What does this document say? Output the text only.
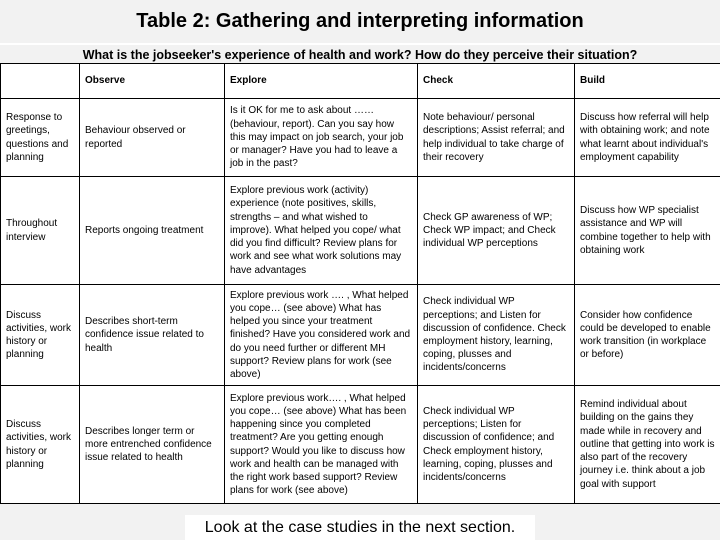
Table 2: Gathering and interpreting information
What is the jobseeker's experience of health and work? How do they perceive their situation?
	Observe	Explore	Check	Build
Response to greetings, questions and planning	Behaviour observed or reported	Is it OK for me to ask about …… (behaviour, report). Can you say how this may impact on job search, your job or manager? Have you had to leave a job in the past?	Note behaviour/ personal descriptions; Assist referral; and help individual to take charge of their recovery	Discuss how referral will help with obtaining work; and note what learnt about individual's employment capability
Throughout interview	Reports ongoing treatment	Explore previous work (activity) experience (note positives, skills, strengths – and what wished to improve). What helped you cope/ what did you find difficult? Review plans for work and see what work solutions may have advantages	Check GP awareness of WP; Check WP impact; and Check individual WP perceptions	Discuss how WP specialist assistance and WP will combine together to help with obtaining work
Discuss activities, work history or planning	Describes short-term confidence issue related to health	Explore previous work …. , What helped you cope… (see above) What has helped you since your treatment finished? Have you considered work and do you need further or different MH support? Review plans for work (see above)	Check individual WP perceptions; and Listen for discussion of confidence. Check employment history, learning, coping, plusses and incidents/concerns	Consider how confidence could be developed to enable work transition (in workplace or before)
Discuss activities, work history or planning	Describes longer term or more entrenched confidence issue related to health	Explore previous work…. , What helped you cope… (see above) What has been happening since you completed treatment? Are you getting enough support? Would you like to discuss how work and health can be managed with the right work based support? Review plans for work (see above)	Check individual WP perceptions; Listen for discussion of confidence; and Check employment history, learning, coping, plusses and incidents/concerns	Remind individual about building on the gains they made while in recovery and outline that getting into work is also part of the recovery journey i.e. think about a job goal with support
Look at the case studies in the next section.
